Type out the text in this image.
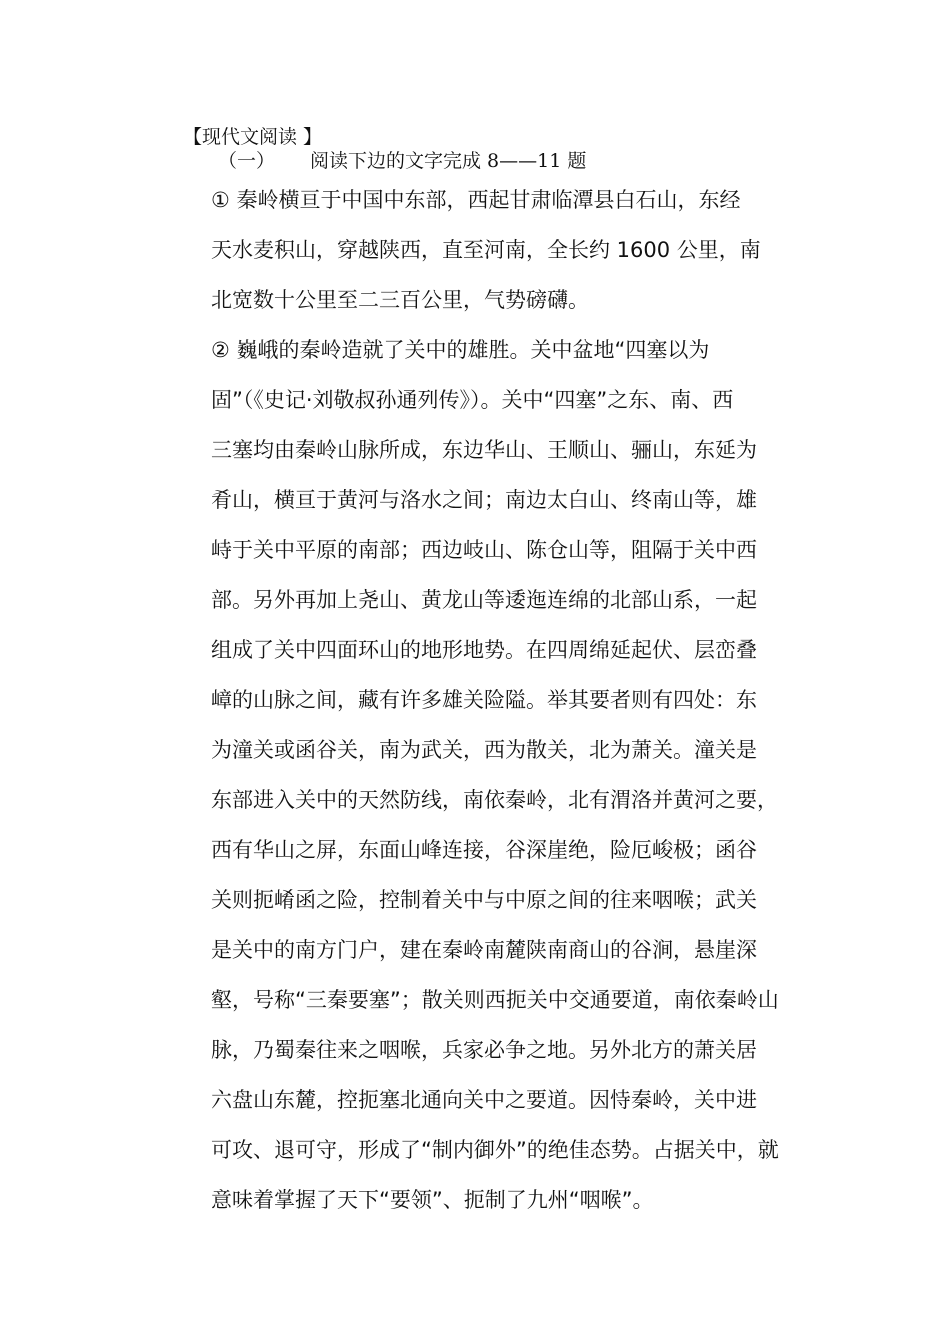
【现代文阅读 】
（一） 阅读下边的文字完成 8——11 题
① 秦岭横亘于中国中东部，西起甘肃临潭县白石山，东经
天水麦积山，穿越陕西，直至河南，全长约 1600 公里，南
北宽数十公里至二三百公里，气势磅礴。
② 巍峨的秦岭造就了关中的雄胜。关中盆地“四塞以为
固”（《史记·刘敬叔孙通列传》）。关中“四塞”之东、南、西
三塞均由秦岭山脉所成，东边华山、王顺山、骊山，东延为
肴山，横亘于黄河与洛水之间；南边太白山、终南山等，雄
峙于关中平原的南部；西边岐山、陈仓山等，阻隔于关中西
部。另外再加上尧山、黄龙山等逶迤连绵的北部山系，一起
组成了关中四面环山的地形地势。在四周绵延起伏、层峦叠
嶂的山脉之间，藏有许多雄关险隘。举其要者则有四处：东
为潼关或函谷关，南为武关，西为散关，北为萧关。潼关是
东部进入关中的天然防线，南依秦岭，北有渭洛并黄河之要，
西有华山之屏，东面山峰连接，谷深崖绝，险厄峻极；函谷
关则扼崤函之险，控制着关中与中原之间的往来咽喉；武关
是关中的南方门户，建在秦岭南麓陕南商山的谷涧，悬崖深
壑，号称“三秦要塞”；散关则西扼关中交通要道，南依秦岭山
脉，乃蜀秦往来之咽喉，兵家必争之地。另外北方的萧关居
六盘山东麓，控扼塞北通向关中之要道。因恃秦岭，关中进
可攻、退可守，形成了“制内御外”的绝佳态势。占据关中，就
意味着掌握了天下“要领”、扼制了九州“咽喉”。
